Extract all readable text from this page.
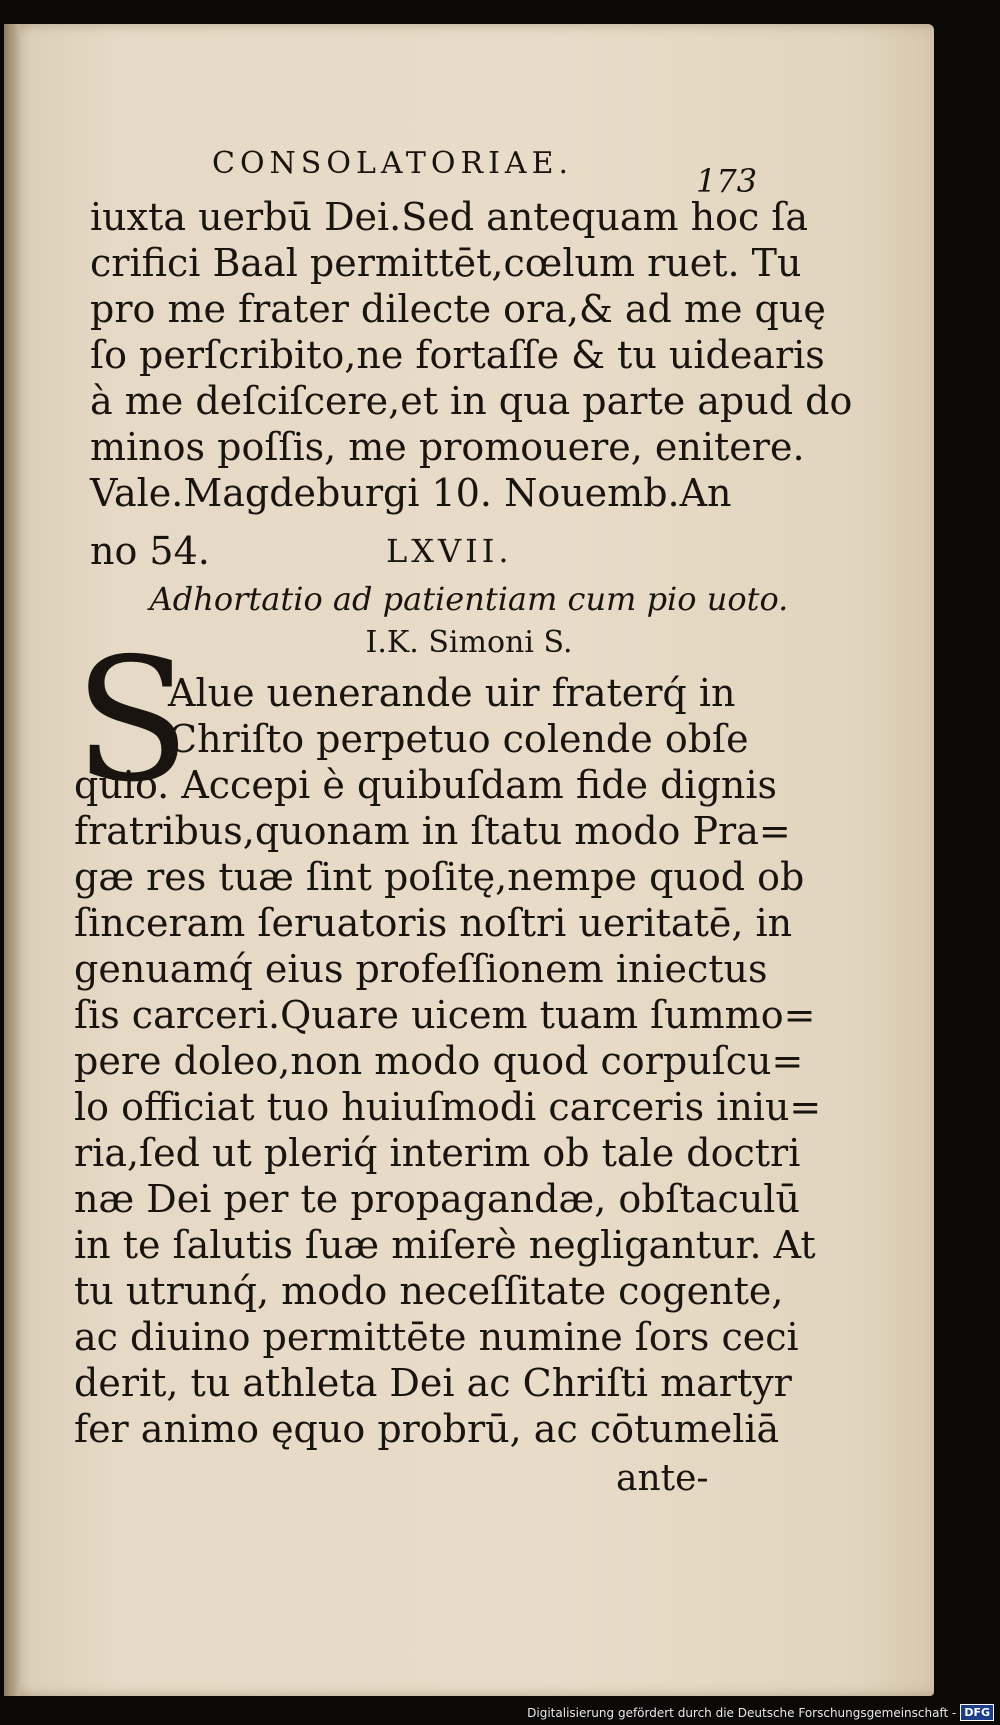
CONSOLATORIAE.	173
iuxta uerbū Dei.Sed antequam hoc ſa
crifici Baal permittēt,cœlum ruet. Tu
pro me frater dilecte ora,& ad me quę
ſo perſcribito,ne fortaſſe & tu uidearis
à me deſciſcere,et in qua parte apud do
minos poſſis, me promouere, enitere.
Vale.Magdeburgi 10. Nouemb.An
no 54.	LXVII.
Adhortatio ad patientiam cum pio uoto.
I.K. Simoni S.
S
Alue uenerande uir fraterq́ in
Chriſto perpetuo colende obſe
quio. Accepi è quibuſdam fide dignis
fratribus,quonam in ſtatu modo Pra=
gæ res tuæ ſint poſitę,nempe quod ob
ſinceram ſeruatoris noſtri ueritatē, in
genuamq́ eius profeſſionem iniectus
ſis carceri.Quare uicem tuam ſummo=
pere doleo,non modo quod corpuſcu=
lo officiat tuo huiuſmodi carceris iniu=
ria,ſed ut pleriq́ interim ob tale doctri
næ Dei per te propagandæ, obſtaculū
in te ſalutis ſuæ miſerè negligantur. At
tu utrunq́, modo neceſſitate cogente,
ac diuino permittēte numine ſors ceci
derit, tu athleta Dei ac Chriſti martyr
fer animo ęquo probrū, ac cōtumeliā
ante-
Digitalisierung gefördert durch die Deutsche Forschungsgemeinschaft - DFG
